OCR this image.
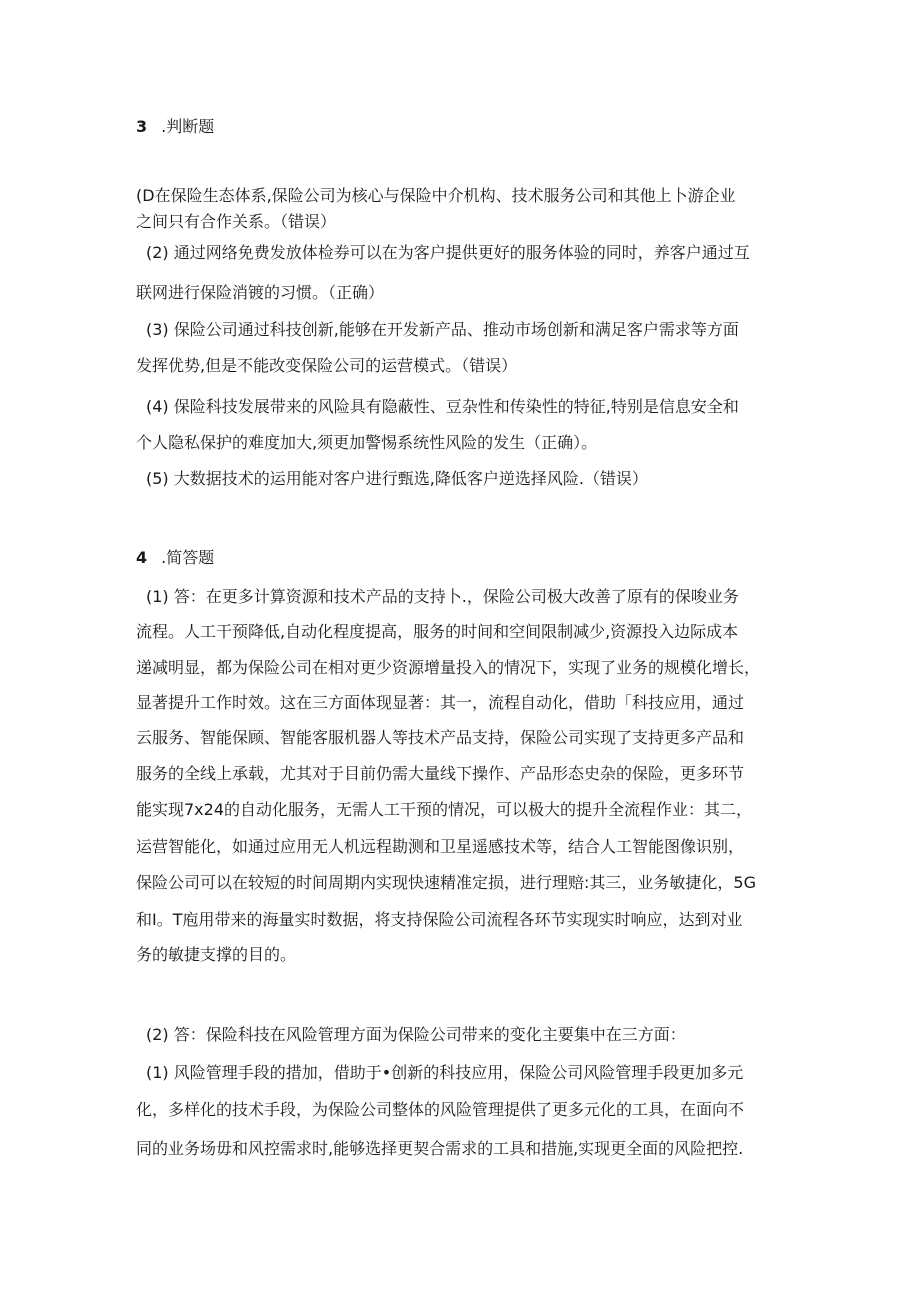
3 .判断题
(D在保险生态体系,保险公司为核心与保险中介机构、技术服务公司和其他上卜游企业
之间只有合作关系。（错误）
(2) 通过网络免费发放体检券可以在为客户提供更好的服务体验的同时，养客户通过互
联网进行保险消镀的习惯。（正确）
(3) 保险公司通过科技创新,能够在开发新产品、推动市场创新和满足客户需求等方面
发挥优势,但是不能改变保险公司的运营模式。（错误）
(4) 保险科技发展带来的风险具有隐蔽性、豆杂性和传染性的特征,特别是信息安全和
个人隐私保护的难度加大,须更加警惕系统性风险的发生（正确）。
(5) 大数据技术的运用能对客户进行甄选,降低客户逆选择风险.（错误）
4 .简答题
(1) 答：在更多计算资源和技术产品的支持卜.，保险公司极大改善了原有的保唆业务
流程。人工干预降低,自动化程度提高，服务的时间和空间限制减少,资源投入边际成本
递减明显，都为保险公司在相对更少资源增量投入的情况下，实现了业务的规模化增长，
显著提升工作时效。这在三方面体现显著：其一，流程自动化，借助「科技应用，通过
云服务、智能保顾、智能客服机器人等技术产品支持，保险公司实现了支持更多产品和
服务的全线上承载，尤其对于目前仍需大量线下操作、产品形态史杂的保险，更多环节
能实现7x24的自动化服务，无需人工干预的情况，可以极大的提升全流程作业：其二，
运营智能化，如通过应用无人机远程勘测和卫星遥感技术等，结合人工智能图像识别，
保险公司可以在较短的时间周期内实现快速精准定损，进行理赔:其三，业务敏捷化，5G
和I。T庖用带来的海量实时数据，将支持保险公司流程各环节实现实时响应，达到对业
务的敏捷支撑的目的。
(2) 答：保险科技在风险管理方面为保险公司带来的变化主要集中在三方面：
(1) 风险管理手段的措加，借助于•创新的科技应用，保险公司风险管理手段更加多元
化，多样化的技术手段，为保险公司整体的风险管理提供了更多元化的工具，在面向不
同的业务场毋和风控需求时,能够选择更契合需求的工具和措施,实现更全面的风险把控.
